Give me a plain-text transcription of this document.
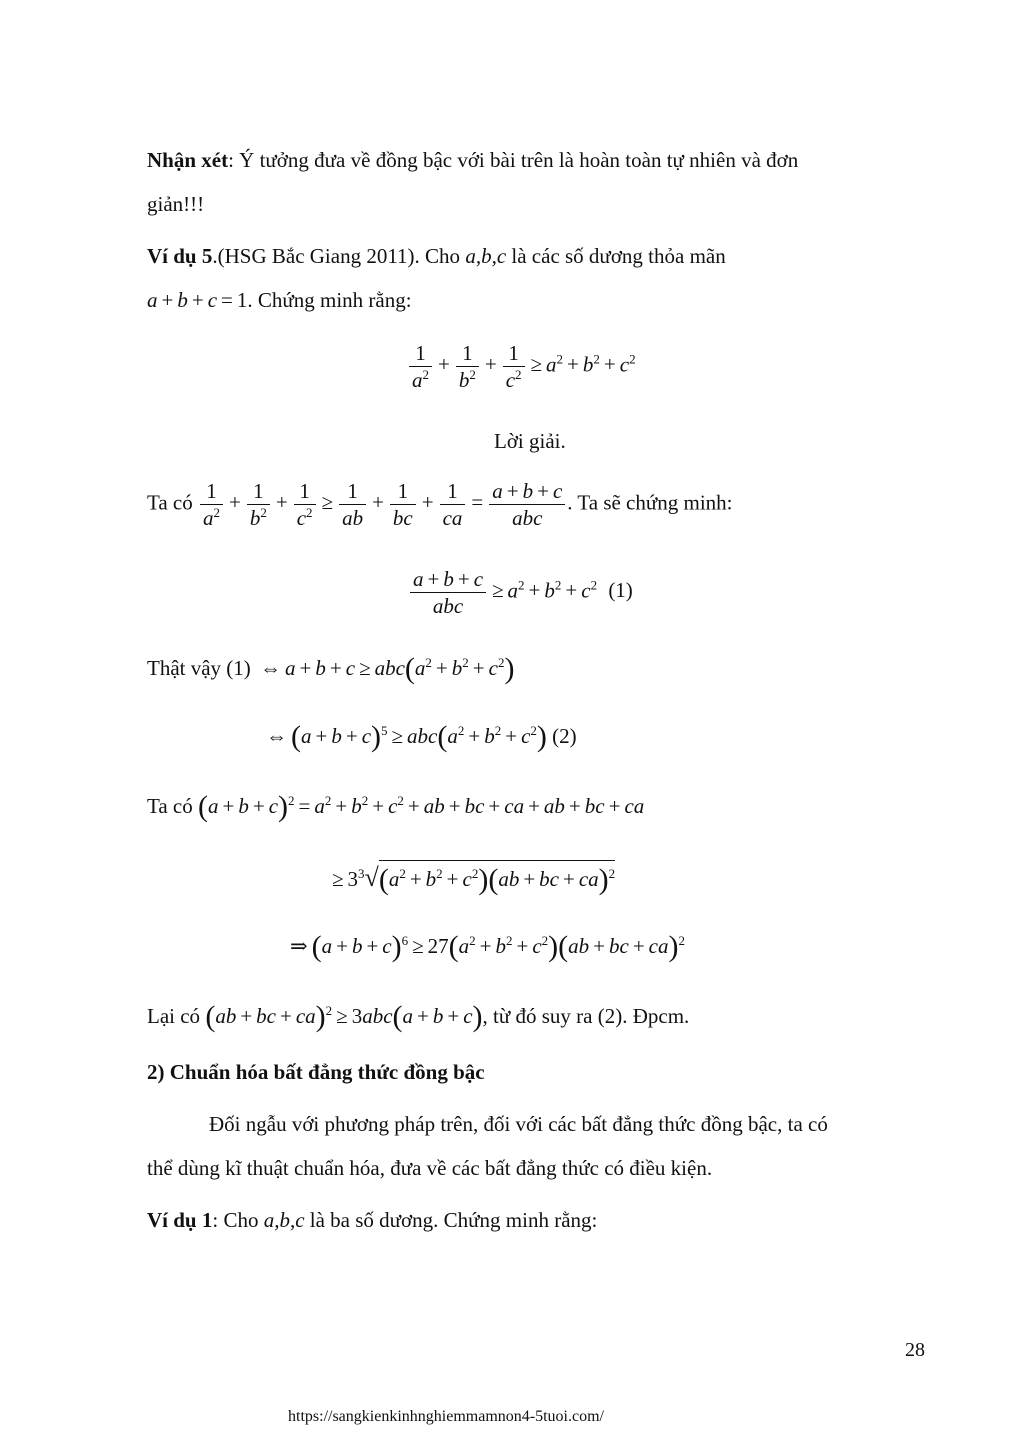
Nhận xét: Ý tưởng đưa về đồng bậc với bài trên là hoàn toàn tự nhiên và đơn
giản!!!
Ví dụ 5.(HSG Bắc Giang 2011). Cho a,b,c là các số dương thỏa mãn
a + b + c = 1. Chứng minh rằng:
$\frac{1}{a^2} + \frac{1}{b^2} + \frac{1}{c^2} \ge a^2 + b^2 + c^2$
Lời giải.
Ta có $\frac{1}{a^2} + \frac{1}{b^2} + \frac{1}{c^2} \ge \frac{1}{ab} + \frac{1}{bc} + \frac{1}{ca} = \frac{a + b + c}{\text{abc}}$ . Ta sẽ chứng minh:
$\frac{a + b + c}{\text{abc}} \ge a^2 + b^2 + c^2$ (1)
Thật vậy (1) ⇔ $a + b + c \ge abc(a^2 + b^2 + c^2)$
⇔ $(a + b + c)^5 \ge abc(a^2 + b^2 + c^2)$ (2)
Ta có $(a + b + c)^2 = a^2 + b^2 + c^2$ + ab + bc + ca + ab + bc + ca
≥ $3^3√(a^2 + b^2 + c^2)(ab$ + bc + ca)$^2$
⇒ $(a + b + c)^6 \ge 27(a^2 + b^2 + c^2)(ab$ + bc + ca)$^2$
Lại có (ab + bc + ca)$^2$ ≥ 3abc(a + b + c), từ đó suy ra (2). Đpcm.
2) Chuẩn hóa bất đẳng thức đồng bậc
Đối ngẫu với phương pháp trên, đối với các bất đẳng thức đồng bậc, ta có
thể dùng kĩ thuật chuẩn hóa, đưa về các bất đẳng thức có điều kiện.
Ví dụ 1: Cho a,b,c là ba số dương. Chứng minh rằng:
28
https://sangkienkinhnghiemmamnon4-5tuoi.com/
